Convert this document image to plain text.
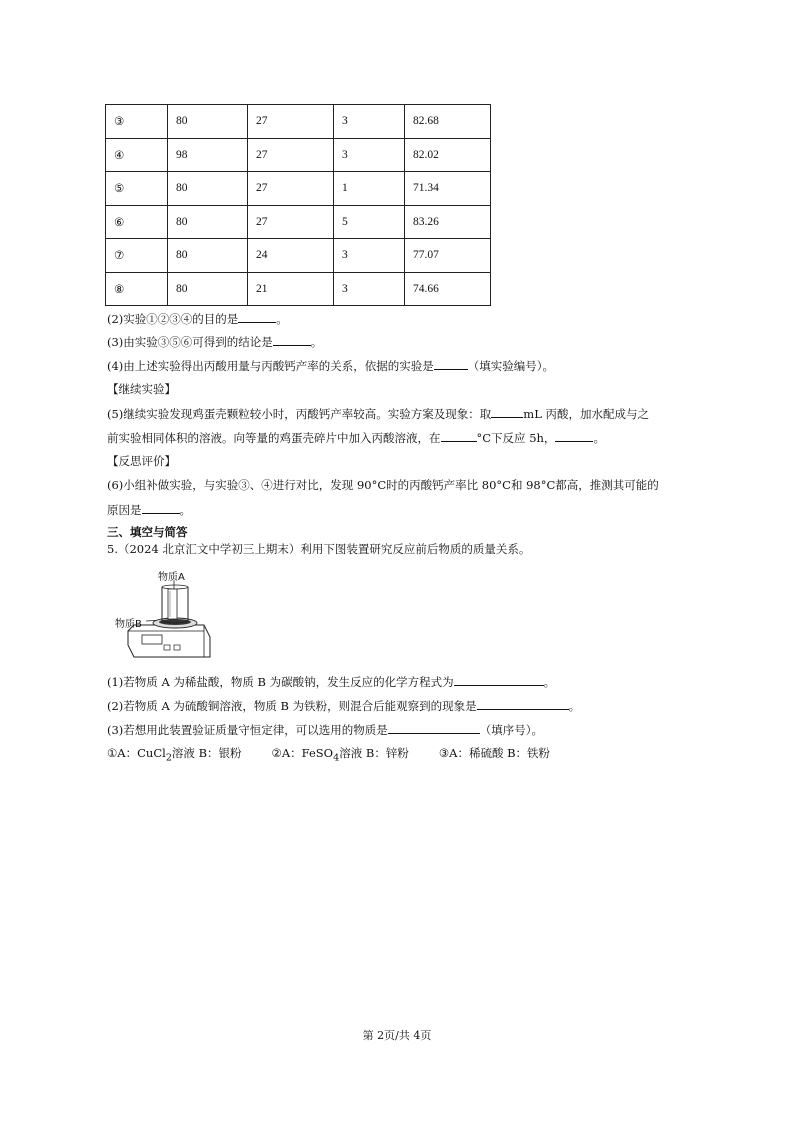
③	80	27	3	82.68
④	98	27	3	82.02
⑤	80	27	1	71.34
⑥	80	27	5	83.26
⑦	80	24	3	77.07
⑧	80	21	3	74.66
(2)实验①②③④的目的是	。
(3)由实验③⑤⑥可得到的结论是	。
(4)由上述实验得出丙酸用量与丙酸钙产率的关系，依据的实验是	（填实验编号）。
【继续实验】
(5)继续实验发现鸡蛋壳颗粒较小时，丙酸钙产率较高。实验方案及现象：取	mL 丙酸，加水配成与之
前实验相同体积的溶液。向等量的鸡蛋壳碎片中加入丙酸溶液，在	°C下反应 5h，	。
【反思评价】
(6)小组补做实验，与实验③、④进行对比，发现 90°C时的丙酸钙产率比 80°C和 98°C都高，推测其可能的
原因是	。
三、填空与简答
5.（2024 北京汇文中学初三上期末）利用下图装置研究反应前后物质的质量关系。
物质A
物质B
(1)若物质 A 为稀盐酸，物质 B 为碳酸钠，发生反应的化学方程式为	。
(2)若物质 A 为硫酸铜溶液，物质 B 为铁粉，则混合后能观察到的现象是	。
(3)若想用此装置验证质量守恒定律，可以选用的物质是	（填序号）。
①A：CuCl$_2$溶液 B：银粉	②A：FeSO$_4$溶液 B：锌粉	③A：稀硫酸 B：铁粉
第 2页/共 4页
